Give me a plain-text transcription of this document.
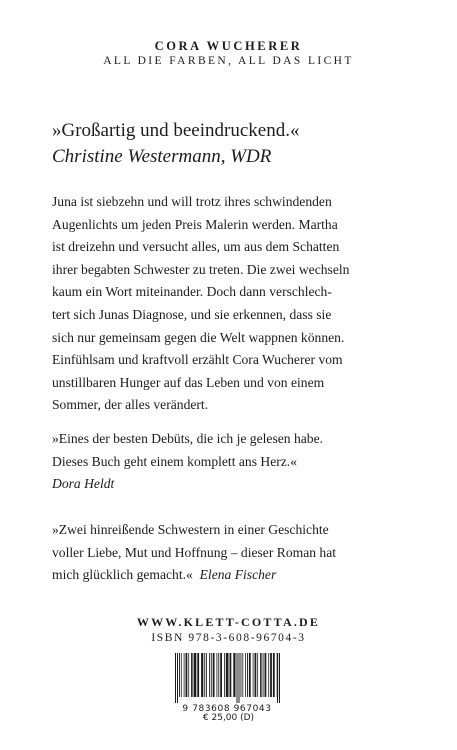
CORA WUCHERER
ALL DIE FARBEN, ALL DAS LICHT
»Großartig und beeindruckend.«
Christine Westermann, WDR
Juna ist siebzehn und will trotz ihres schwindenden
Augenlichts um jeden Preis Malerin werden. Martha
ist dreizehn und versucht alles, um aus dem Schatten
ihrer begabten Schwester zu treten. Die zwei wechseln
kaum ein Wort miteinander. Doch dann verschlech-
tert sich Junas Diagnose, und sie erkennen, dass sie
sich nur gemeinsam gegen die Welt wappnen können.
Einfühlsam und kraftvoll erzählt Cora Wucherer vom
unstillbaren Hunger auf das Leben und von einem
Sommer, der alles verändert.
»Eines der besten Debüts, die ich je gelesen habe.
Dieses Buch geht einem komplett ans Herz.«
Dora Heldt
»Zwei hinreißende Schwestern in einer Geschichte
voller Liebe, Mut und Hoffnung – dieser Roman hat
mich glücklich gemacht.« Elena Fischer
WWW.KLETT-COTTA.DE
ISBN 978-3-608-96704-3
9 783608 967043
€ 25,00 (D)
